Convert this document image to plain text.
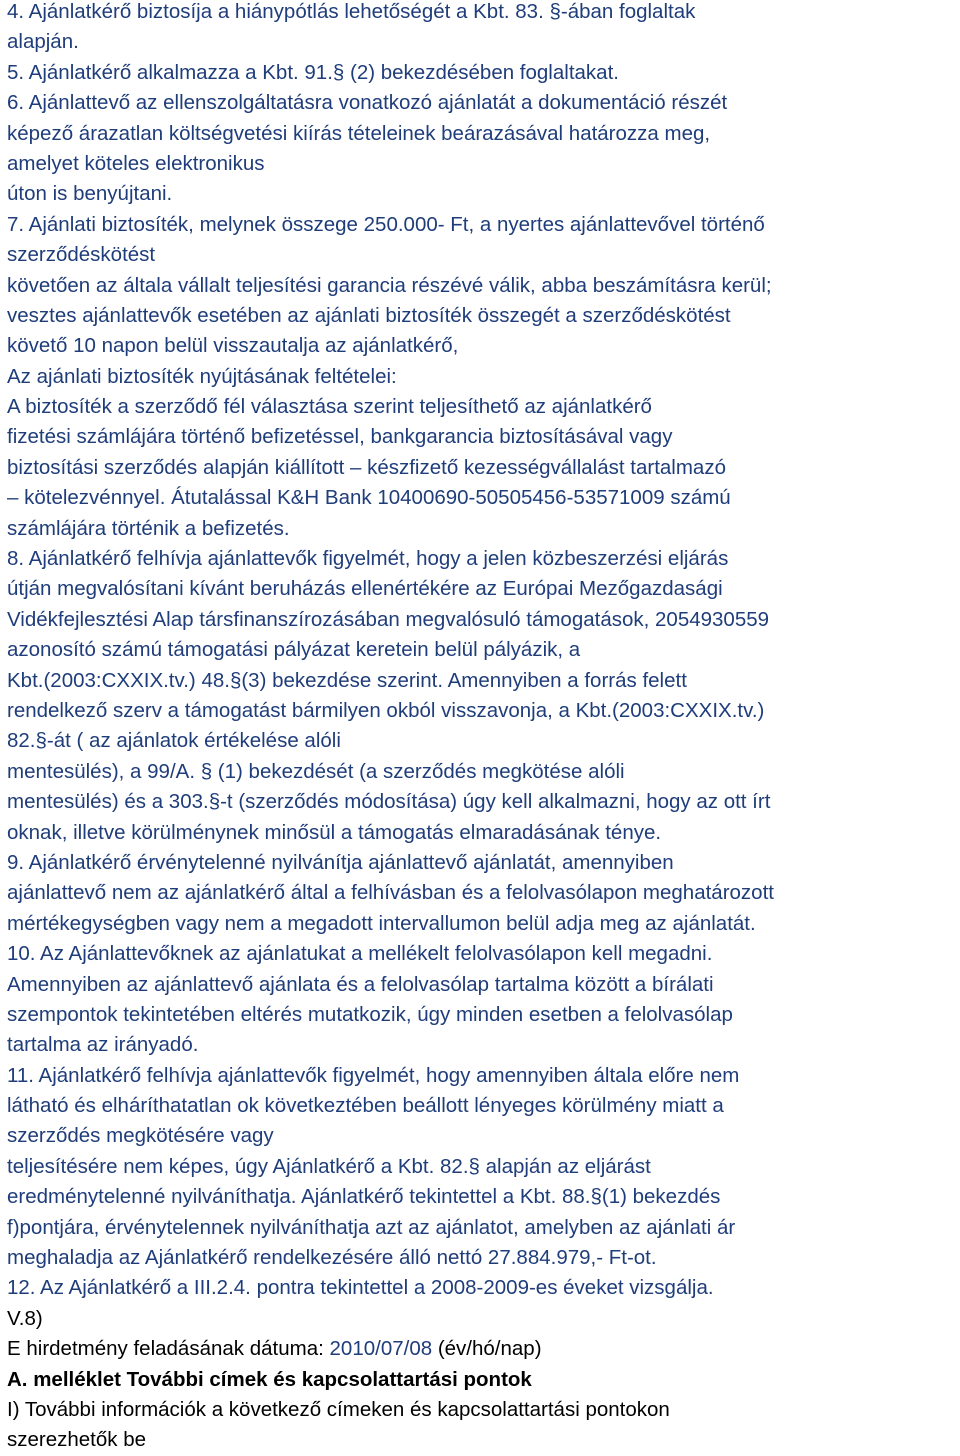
4. Ajánlatkérő biztosíja a hiánypótlás lehetőségét a Kbt. 83. §-ában foglaltak
alapján.
5. Ajánlatkérő alkalmazza a Kbt. 91.§ (2) bekezdésében foglaltakat.
6. Ajánlattevő az ellenszolgáltatásra vonatkozó ajánlatát a dokumentáció részét
képező árazatlan költségvetési kiírás tételeinek beárazásával határozza meg,
amelyet köteles elektronikus
úton is benyújtani.
7. Ajánlati biztosíték, melynek összege 250.000- Ft, a nyertes ajánlattevővel történő
szerződéskötést
követően az általa vállalt teljesítési garancia részévé válik, abba beszámításra kerül;
vesztes ajánlattevők esetében az ajánlati biztosíték összegét a szerződéskötést
követő 10 napon belül visszautalja az ajánlatkérő,
Az ajánlati biztosíték nyújtásának feltételei:
A biztosíték a szerződő fél választása szerint teljesíthető az ajánlatkérő
fizetési számlájára történő befizetéssel, bankgarancia biztosításával vagy
biztosítási szerződés alapján kiállított – készfizető kezességvállalást tartalmazó
– kötelezvénnyel. Átutalással K&H Bank 10400690-50505456-53571009 számú
számlájára történik a befizetés.
8. Ajánlatkérő felhívja ajánlattevők figyelmét, hogy a jelen közbeszerzési eljárás
útján megvalósítani kívánt beruházás ellenértékére az Európai Mezőgazdasági
Vidékfejlesztési Alap társfinanszírozásában megvalósuló támogatások, 2054930559
azonosító számú támogatási pályázat keretein belül pályázik, a
Kbt.(2003:CXXIX.tv.) 48.§(3) bekezdése szerint. Amennyiben a forrás felett
rendelkező szerv a támogatást bármilyen okból visszavonja, a Kbt.(2003:CXXIX.tv.)
82.§-át ( az ajánlatok értékelése alóli
mentesülés), a 99/A. § (1) bekezdését (a szerződés megkötése alóli
mentesülés) és a 303.§-t (szerződés módosítása) úgy kell alkalmazni, hogy az ott írt
oknak, illetve körülménynek minősül a támogatás elmaradásának ténye.
9. Ajánlatkérő érvénytelenné nyilvánítja ajánlattevő ajánlatát, amennyiben
ajánlattevő nem az ajánlatkérő által a felhívásban és a felolvasólapon meghatározott
mértékegységben vagy nem a megadott intervallumon belül adja meg az ajánlatát.
10. Az Ajánlattevőknek az ajánlatukat a mellékelt felolvasólapon kell megadni.
Amennyiben az ajánlattevő ajánlata és a felolvasólap tartalma között a bírálati
szempontok tekintetében eltérés mutatkozik, úgy minden esetben a felolvasólap
tartalma az irányadó.
11. Ajánlatkérő felhívja ajánlattevők figyelmét, hogy amennyiben általa előre nem
látható és elháríthatatlan ok következtében beállott lényeges körülmény miatt a
szerződés megkötésére vagy
teljesítésére nem képes, úgy Ajánlatkérő a Kbt. 82.§ alapján az eljárást
eredménytelenné nyilváníthatja. Ajánlatkérő tekintettel a Kbt. 88.§(1) bekezdés
f)pontjára, érvénytelennek nyilváníthatja azt az ajánlatot, amelyben az ajánlati ár
meghaladja az Ajánlatkérő rendelkezésére álló nettó 27.884.979,- Ft-ot.
12. Az Ajánlatkérő a III.2.4. pontra tekintettel a 2008-2009-es éveket vizsgálja.
V.8)
E hirdetmény feladásának dátuma: 2010/07/08 (év/hó/nap)
A. melléklet További címek és kapcsolattartási pontok
I) További információk a következő címeken és kapcsolattartási pontokon
szerezhetők be
